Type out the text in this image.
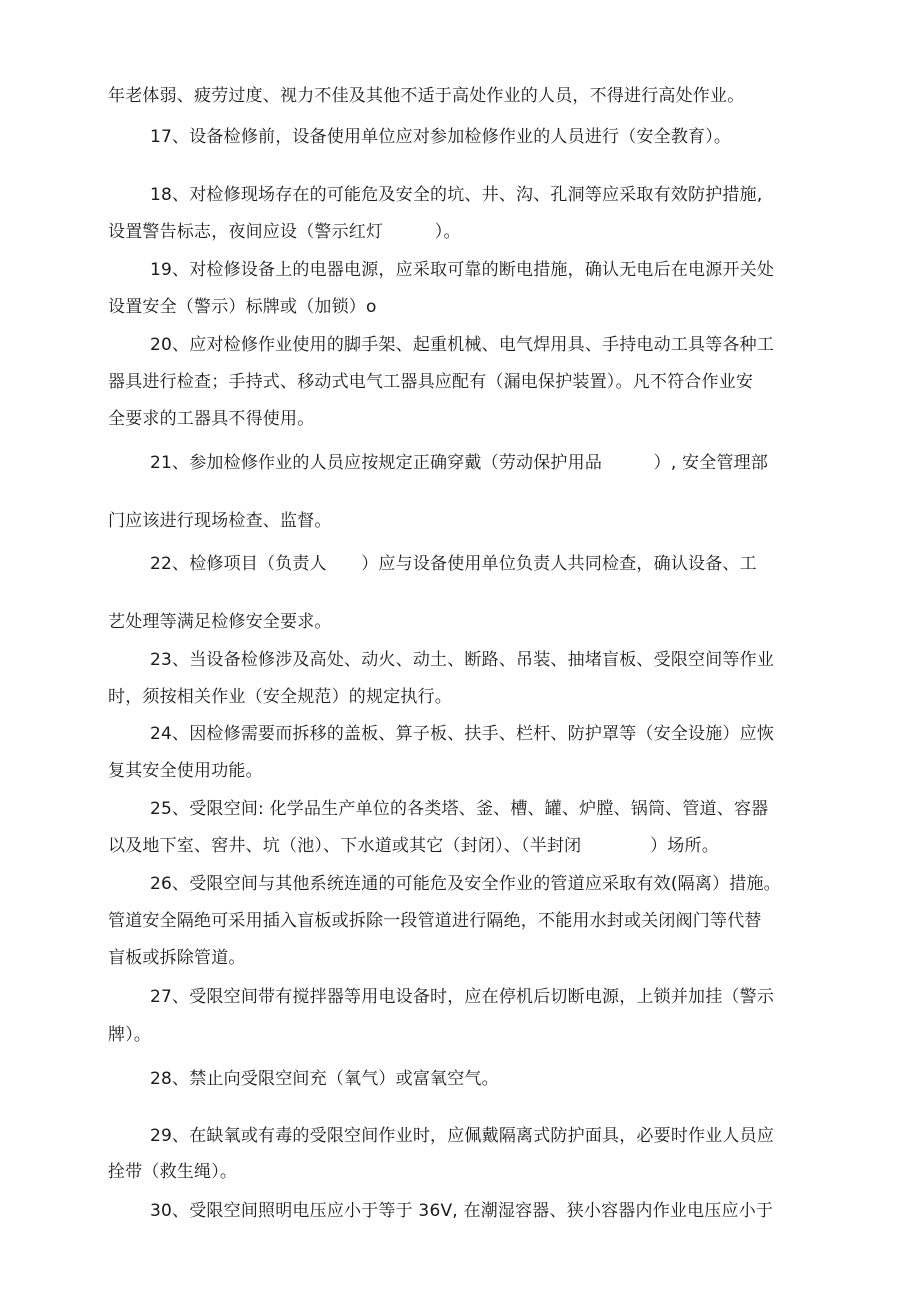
年老体弱、疲劳过度、视力不佳及其他不适于高处作业的人员，不得进行高处作业。
17、设备检修前，设备使用单位应对参加检修作业的人员进行（安全教育）。
18、对检修现场存在的可能危及安全的坑、井、沟、孔洞等应采取有效防护措施,
设置警告标志，夜间应设（警示红灯　　　）。
19、对检修设备上的电器电源，应采取可靠的断电措施，确认无电后在电源开关处
设置安全（警示）标牌或（加锁）o
20、应对检修作业使用的脚手架、起重机械、电气焊用具、手持电动工具等各种工
器具进行检查；手持式、移动式电气工器具应配有（漏电保护装置）。凡不符合作业安
全要求的工器具不得使用。
21、参加检修作业的人员应按规定正确穿戴（劳动保护用品　　　）, 安全管理部
门应该进行现场检查、监督。
22、检修项目（负责人　　）应与设备使用单位负责人共同检查，确认设备、工
艺处理等满足检修安全要求。
23、当设备检修涉及高处、动火、动土、断路、吊装、抽堵盲板、受限空间等作业
时，须按相关作业（安全规范）的规定执行。
24、因检修需要而拆移的盖板、算子板、扶手、栏杆、防护罩等（安全设施）应恢
复其安全使用功能。
25、受限空间: 化学品生产单位的各类塔、釜、槽、罐、炉膛、锅筒、管道、容器
以及地下室、窖井、坑（池）、下水道或其它（封闭）、（半封闭　　　　）场所。
26、受限空间与其他系统连通的可能危及安全作业的管道应采取有效(隔离）措施。
管道安全隔绝可采用插入盲板或拆除一段管道进行隔绝，不能用水封或关闭阀门等代替
盲板或拆除管道。
27、受限空间带有搅拌器等用电设备时，应在停机后切断电源，上锁并加挂（警示
牌）。
28、禁止向受限空间充（氧气）或富氧空气。
29、在缺氧或有毒的受限空间作业时，应佩戴隔离式防护面具，必要时作业人员应
拴带（救生绳）。
30、受限空间照明电压应小于等于 36V, 在潮湿容器、狭小容器内作业电压应小于
